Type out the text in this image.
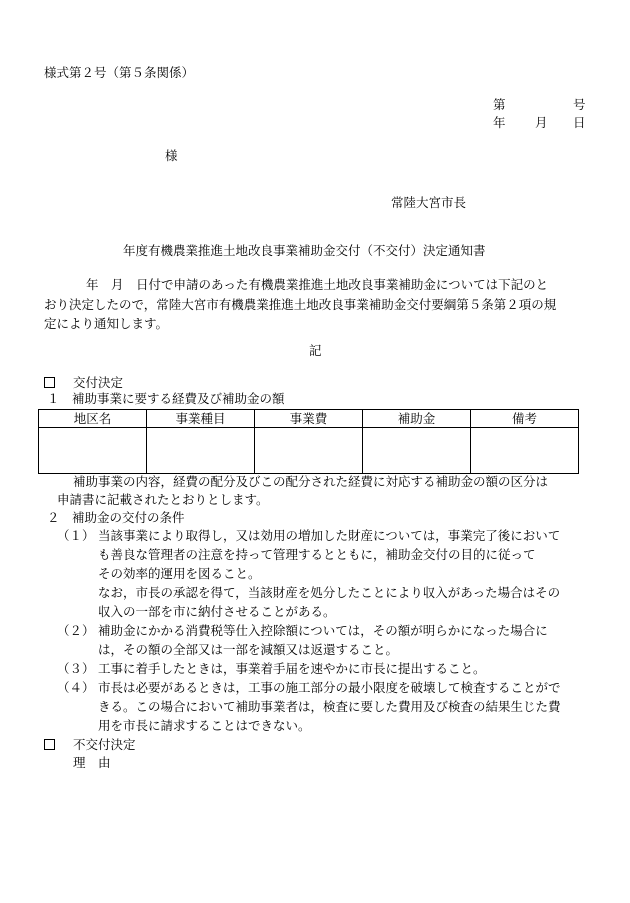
様式第２号（第５条関係）
第	号
年 月 日
様
常陸大宮市長
年度有機農業推進土地改良事業補助金交付（不交付）決定通知書
年　月　日付で申請のあった有機農業推進土地改良事業補助金については下記のと
おり決定したので，常陸大宮市有機農業推進土地改良事業補助金交付要綱第５条第２項の規
定により通知します。
記
交付決定
１　補助事業に要する経費及び補助金の額
地区名	事業種目	事業費	補助金	備考

補助事業の内容，経費の配分及びこの配分された経費に対応する補助金の額の区分は
申請書に記載されたとおりとします。
２　補助金の交付の条件
（１） 当該事業により取得し，又は効用の増加した財産については，事業完了後において
も善良な管理者の注意を持って管理するとともに，補助金交付の目的に従って
その効率的運用を図ること。
なお，市長の承認を得て，当該財産を処分したことにより収入があった場合はその
収入の一部を市に納付させることがある。
（２） 補助金にかかる消費税等仕入控除額については，その額が明らかになった場合に
は，その額の全部又は一部を減額又は返還すること。
（３） 工事に着手したときは，事業着手届を速やかに市長に提出すること。
（４） 市長は必要があるときは，工事の施工部分の最小限度を破壊して検査することがで
きる。この場合において補助事業者は，検査に要した費用及び検査の結果生じた費
用を市長に請求することはできない。
不交付決定
理　由
